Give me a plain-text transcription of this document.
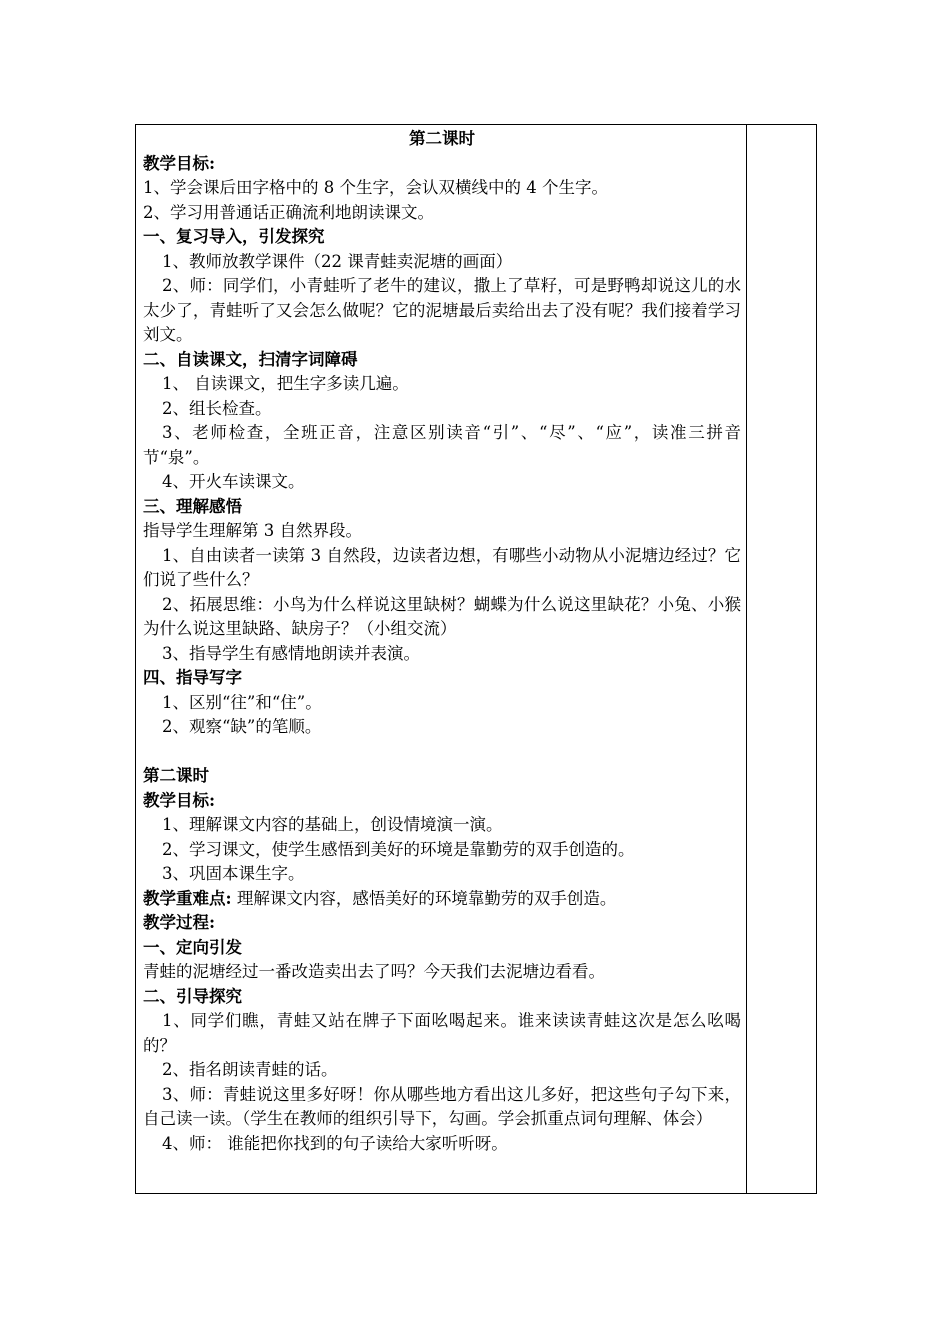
第二课时
教学目标:
1、学会课后田字格中的 8 个生字，会认双横线中的 4 个生字。
2、学习用普通话正确流利地朗读课文。
一、复习导入，引发探究
1、教师放教学课件（22 课青蛙卖泥塘的画面）
2、师：同学们，小青蛙听了老牛的建议，撒上了草籽，可是野鸭却说这儿的水太少了，青蛙听了又会怎么做呢？它的泥塘最后卖给出去了没有呢？我们接着学习刘文。
二、自读课文，扫清字词障碍
1、 自读课文，把生字多读几遍。
2、组长检查。
3、老师检查，全班正音，注意区别读音“引”、“尽”、“应”，读准三拼音节“泉”。
4、开火车读课文。
三、理解感悟
指导学生理解第 3 自然界段。
1、自由读者一读第 3 自然段，边读者边想，有哪些小动物从小泥塘边经过？它们说了些什么？
2、拓展思维：小鸟为什么样说这里缺树？蝴蝶为什么说这里缺花？小兔、小猴为什么说这里缺路、缺房子？（小组交流）
3、指导学生有感情地朗读并表演。
四、指导写字
1、区别“往”和“住”。
2、观察“缺”的笔顺。
第二课时
教学目标:
1、理解课文内容的基础上，创设情境演一演。
2、学习课文，使学生感悟到美好的环境是靠勤劳的双手创造的。
3、巩固本课生字。
教学重难点: 理解课文内容，感悟美好的环境靠勤劳的双手创造。
教学过程:
一、定向引发
青蛙的泥塘经过一番改造卖出去了吗？今天我们去泥塘边看看。
二、引导探究
1、同学们瞧，青蛙又站在牌子下面吆喝起来。谁来读读青蛙这次是怎么吆喝的？
2、指名朗读青蛙的话。
3、师：青蛙说这里多好呀！你从哪些地方看出这儿多好，把这些句子勾下来，自己读一读。（学生在教师的组织引导下，勾画。学会抓重点词句理解、体会）
4、师： 谁能把你找到的句子读给大家听听呀。
